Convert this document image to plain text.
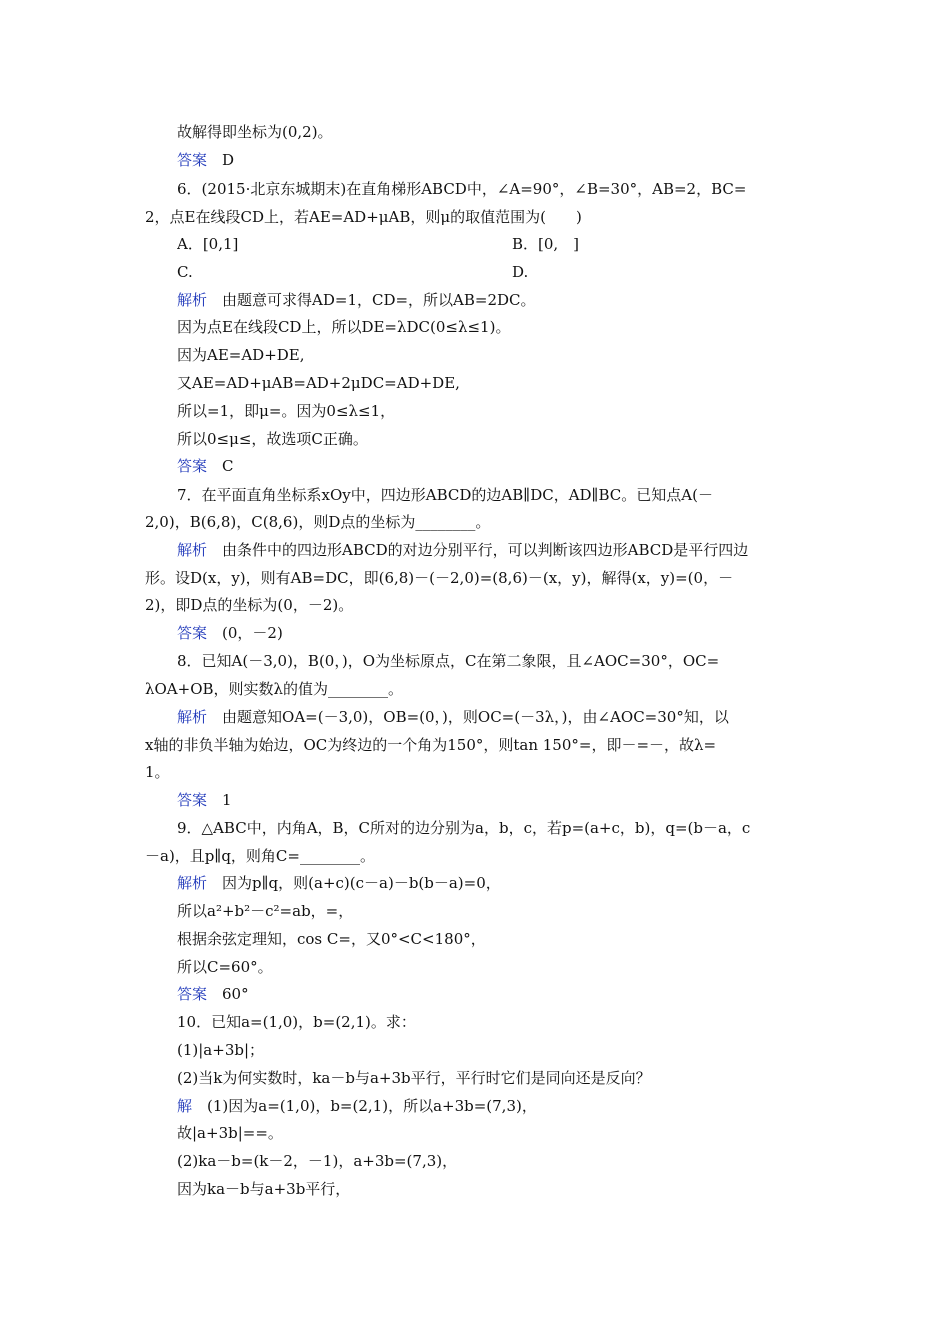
故解得即坐标为(0,2)。
答案　D
6．(2015·北京东城期末)在直角梯形ABCD中，∠A=90°，∠B=30°，AB=2，BC=
2，点E在线段CD上，若AE=AD+μAB，则μ的取值范围为(　　)
A．[0,1]	B．[0,　]
C.	D.
解析　由题意可求得AD=1，CD=，所以AB=2DC。
因为点E在线段CD上，所以DE=λDC(0≤λ≤1)。
因为AE=AD+DE,
又AE=AD+μAB=AD+2μDC=AD+DE,
所以=1，即μ=。因为0≤λ≤1，
所以0≤μ≤，故选项C正确。
答案　C
7．在平面直角坐标系xOy中，四边形ABCD的边AB∥DC，AD∥BC。已知点A(－
2,0)，B(6,8)，C(8,6)，则D点的坐标为________。
解析　由条件中的四边形ABCD的对边分别平行，可以判断该四边形ABCD是平行四边
形。设D(x，y)，则有AB=DC，即(6,8)－(－2,0)=(8,6)－(x，y)，解得(x，y)=(0，－
2)，即D点的坐标为(0，－2)。
答案　(0，－2)
8．已知A(－3,0)，B(0，)，O为坐标原点，C在第二象限，且∠AOC=30°，OC=
λOA+OB，则实数λ的值为________。
解析　由题意知OA=(－3,0)，OB=(0，)，则OC=(－3λ，)，由∠AOC=30°知，以
x轴的非负半轴为始边，OC为终边的一个角为150°，则tan 150°=，即－=－，故λ=
1。
答案　1
9．△ABC中，内角A，B，C所对的边分别为a，b，c，若p=(a+c，b)，q=(b－a，c
－a)，且p∥q，则角C=________。
解析　因为p∥q，则(a+c)(c－a)－b(b－a)=0，
所以a²+b²－c²=ab，=，
根据余弦定理知，cos C=，又0°<C<180°，
所以C=60°。
答案　60°
10．已知a=(1,0)，b=(2,1)。求：
(1)|a+3b|；
(2)当k为何实数时，ka－b与a+3b平行，平行时它们是同向还是反向？
解　(1)因为a=(1,0)，b=(2,1)，所以a+3b=(7,3)，
故|a+3b|==。
(2)ka－b=(k－2，－1)，a+3b=(7,3)，
因为ka－b与a+3b平行，
